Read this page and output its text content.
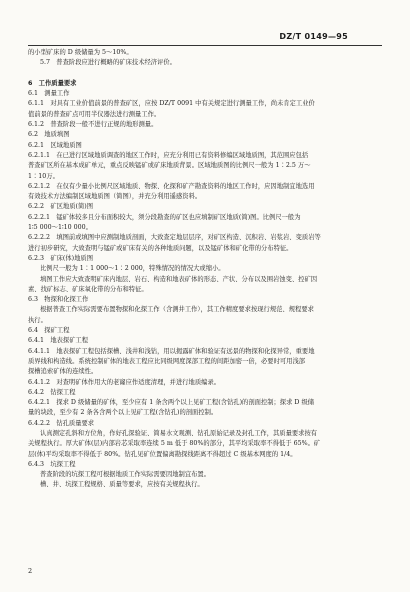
DZ/T 0149—95
的小型矿床的 D 级储量为 5～10%。
5.7　普查阶段应进行概略的矿床技术经济评价。

6　工作质量要求
6.1　测量工作
6.1.1　对具有工业价值前景的普查矿区，应按 DZ/T 0091 中有关规定进行测量工作，尚未肯定工业价
值前景的普查矿点可用半仪器法进行测量工作。
6.1.2　普查阶段一般不进行正规的地形测量。
6.2　地质填图
6.2.1　区域地质图
6.2.1.1　在已进行区域地质调查的地区工作时，应充分利用已有资料修编区域地质图，其范围应包括
普查矿区所在基本成矿单元，重点反映锰矿或矿床地质背景。区域地质图的比例尺一般为 1∶2.5 万～
1∶10万。
6.2.1.2　在仅有少量小比例尺区域地质、物探、化探和矿产勘查资料的地区工作时，应因地制宜地选用
有效技术方法编制区域地质图（简图），并充分利用遥感资料。
6.2.2　矿区地质(简)图
6.2.2.1　锰矿体较多且分布面积较大，须分段勘查的矿区也应填制矿区地质(简)图。比例尺一般为
1∶5 000～1∶10 000。
6.2.2.2　填图前或填图中应测制地质剖面，大致查定地层层序，对矿区构造、沉积岩、岩浆岩、变质岩等
进行初步研究，大致查明与锰矿或矿床有关的各种地质问题，以及锰矿体和矿化带的分布特征。
6.2.3　矿床(体)地质图
比例尺一般为 1∶1 000～1∶2 000，特殊情况的情况大或缩小。
填图工作应大致查明矿床内地层、岩石、构造和地表矿体的形态、产状、分布以及围岩蚀变、控矿因
素、找矿标志、矿床氧化带的分布和特征。
6.3　物探和化探工作
根据普查工作实际需要布置物探和化探工作（含测井工作），其工作精度要求按现行规范、规程要求
执行。
6.4　探矿工程
6.4.1　地表探矿工程
6.4.1.1　地表探矿工程包括探槽、浅井和浅钻，用以揭露矿体和验证有远景的物探和化探异常，重要地
质界线和构造线。系统控制矿体的地表工程应比同级网度深部工程的间距加密一倍，必要时可用浅部
探槽追索矿体的连续性。
6.4.1.2　对查明矿体作用大的老窿应作适度清理，并进行地质编录。
6.4.2　钻探工程
6.4.2.1　探求 D 级储量的矿体，至少应有 1 条含两个以上见矿工程(含钻孔)的剖面控制；探求 D 级储
量的块段，至少有 2 条各含两个以上见矿工程(含钻孔)的剖面控制。
6.4.2.2　钻孔质量要求
认真测定孔斜和方位角，作好孔深验证、简易水文观测、钻孔原始记录及封孔工作，其质量要求按有
关规程执行。厚大矿体(层)内部岩芯采取率连续 5 m 低于 80%的部分，其平均采取率不得低于 65%。矿
层(体)平均采取率不得低于 80%。钻孔见矿位置偏离勘探线距离不得超过 C 级基本网度的 1/4。
6.4.3　坑探工程
普查阶段的坑探工程可根据地质工作实际需要因地制宜布置。
槽、井、坑探工程规格、质量等要求，应按有关规程执行。
2
